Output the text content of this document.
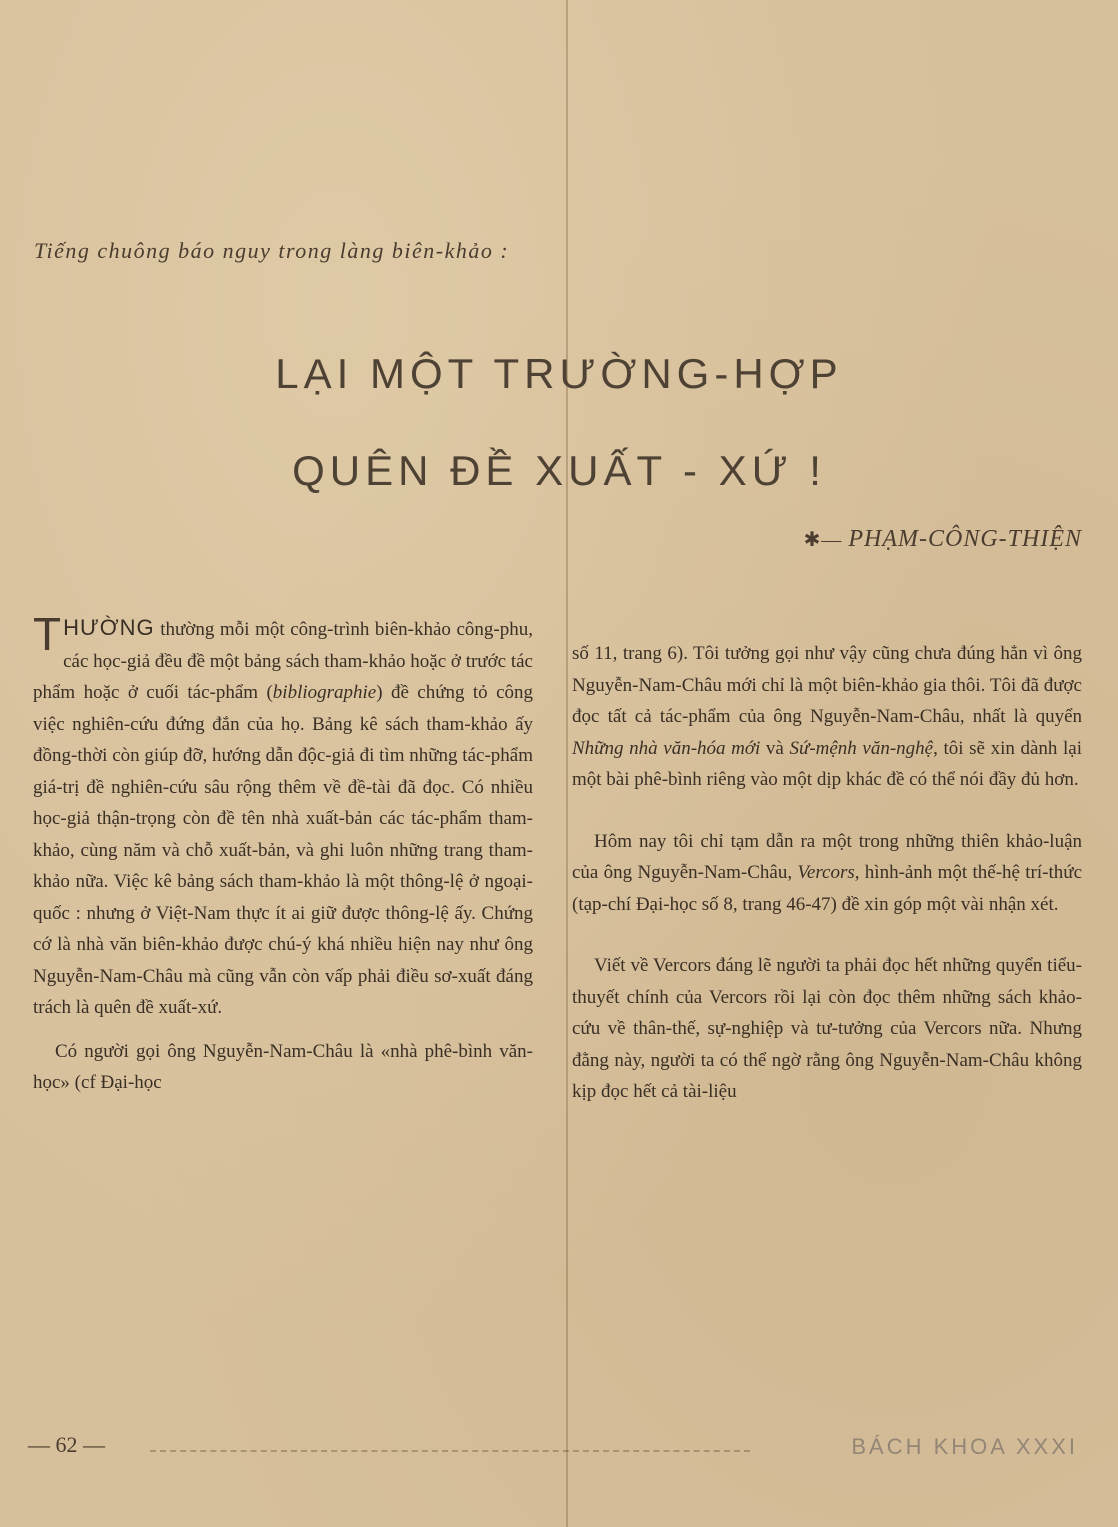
Tiếng chuông báo nguy trong làng biên-khảo :
LẠI MỘT TRƯỜNG-HỢP
QUÊN ĐỀ XUẤT - XỨ !
✱— PHẠM-CÔNG-THIỆN

THƯỜNG thường mỗi một công-trình biên-khảo công-phu, các học-giả đều đề một bảng sách tham-khảo hoặc ở trước tác phẩm hoặc ở cuối tác-phẩm (bibliographie) đề chứng tỏ công việc nghiên-cứu đứng đắn của họ. Bảng kê sách tham-khảo ấy đồng-thời còn giúp đỡ, hướng dẫn độc-giả đi tìm những tác-phẩm giá-trị đề nghiên-cứu sâu rộng thêm về đề-tài đã đọc. Có nhiều học-giả thận-trọng còn đề tên nhà xuất-bản các tác-phẩm tham-khảo, cùng năm và chỗ xuất-bản, và ghi luôn những trang tham-khảo nữa. Việc kê bảng sách tham-khảo là một thông-lệ ở ngoại-quốc : nhưng ở Việt-Nam thực ít ai giữ được thông-lệ ấy. Chứng cớ là nhà văn biên-khảo được chú-ý khá nhiều hiện nay như ông Nguyễn-Nam-Châu mà cũng vẫn còn vấp phải điều sơ-xuất đáng trách là quên đề xuất-xứ.

Có người gọi ông Nguyễn-Nam-Châu là «nhà phê-bình văn-học» (cf Đại-học

số 11, trang 6). Tôi tưởng gọi như vậy cũng chưa đúng hẳn vì ông Nguyễn-Nam-Châu mới chỉ là một biên-khảo gia thôi. Tôi đã được đọc tất cả tác-phẩm của ông Nguyễn-Nam-Châu, nhất là quyển Những nhà văn-hóa mới và Sứ-mệnh văn-nghệ, tôi sẽ xin dành lại một bài phê-bình riêng vào một dịp khác đề có thể nói đầy đủ hơn.

Hôm nay tôi chỉ tạm dẫn ra một trong những thiên khảo-luận của ông Nguyễn-Nam-Châu, Vercors, hình-ảnh một thế-hệ trí-thức (tạp-chí Đại-học số 8, trang 46-47) đề xin góp một vài nhận xét.

Viết về Vercors đáng lẽ người ta phải đọc hết những quyển tiểu-thuyết chính của Vercors rồi lại còn đọc thêm những sách khảo-cứu về thân-thế, sự-nghiệp và tư-tưởng của Vercors nữa. Nhưng đằng này, người ta có thể ngờ rằng ông Nguyễn-Nam-Châu không kịp đọc hết cả tài-liệu

— 62 —	BÁCH KHOA XXXI
